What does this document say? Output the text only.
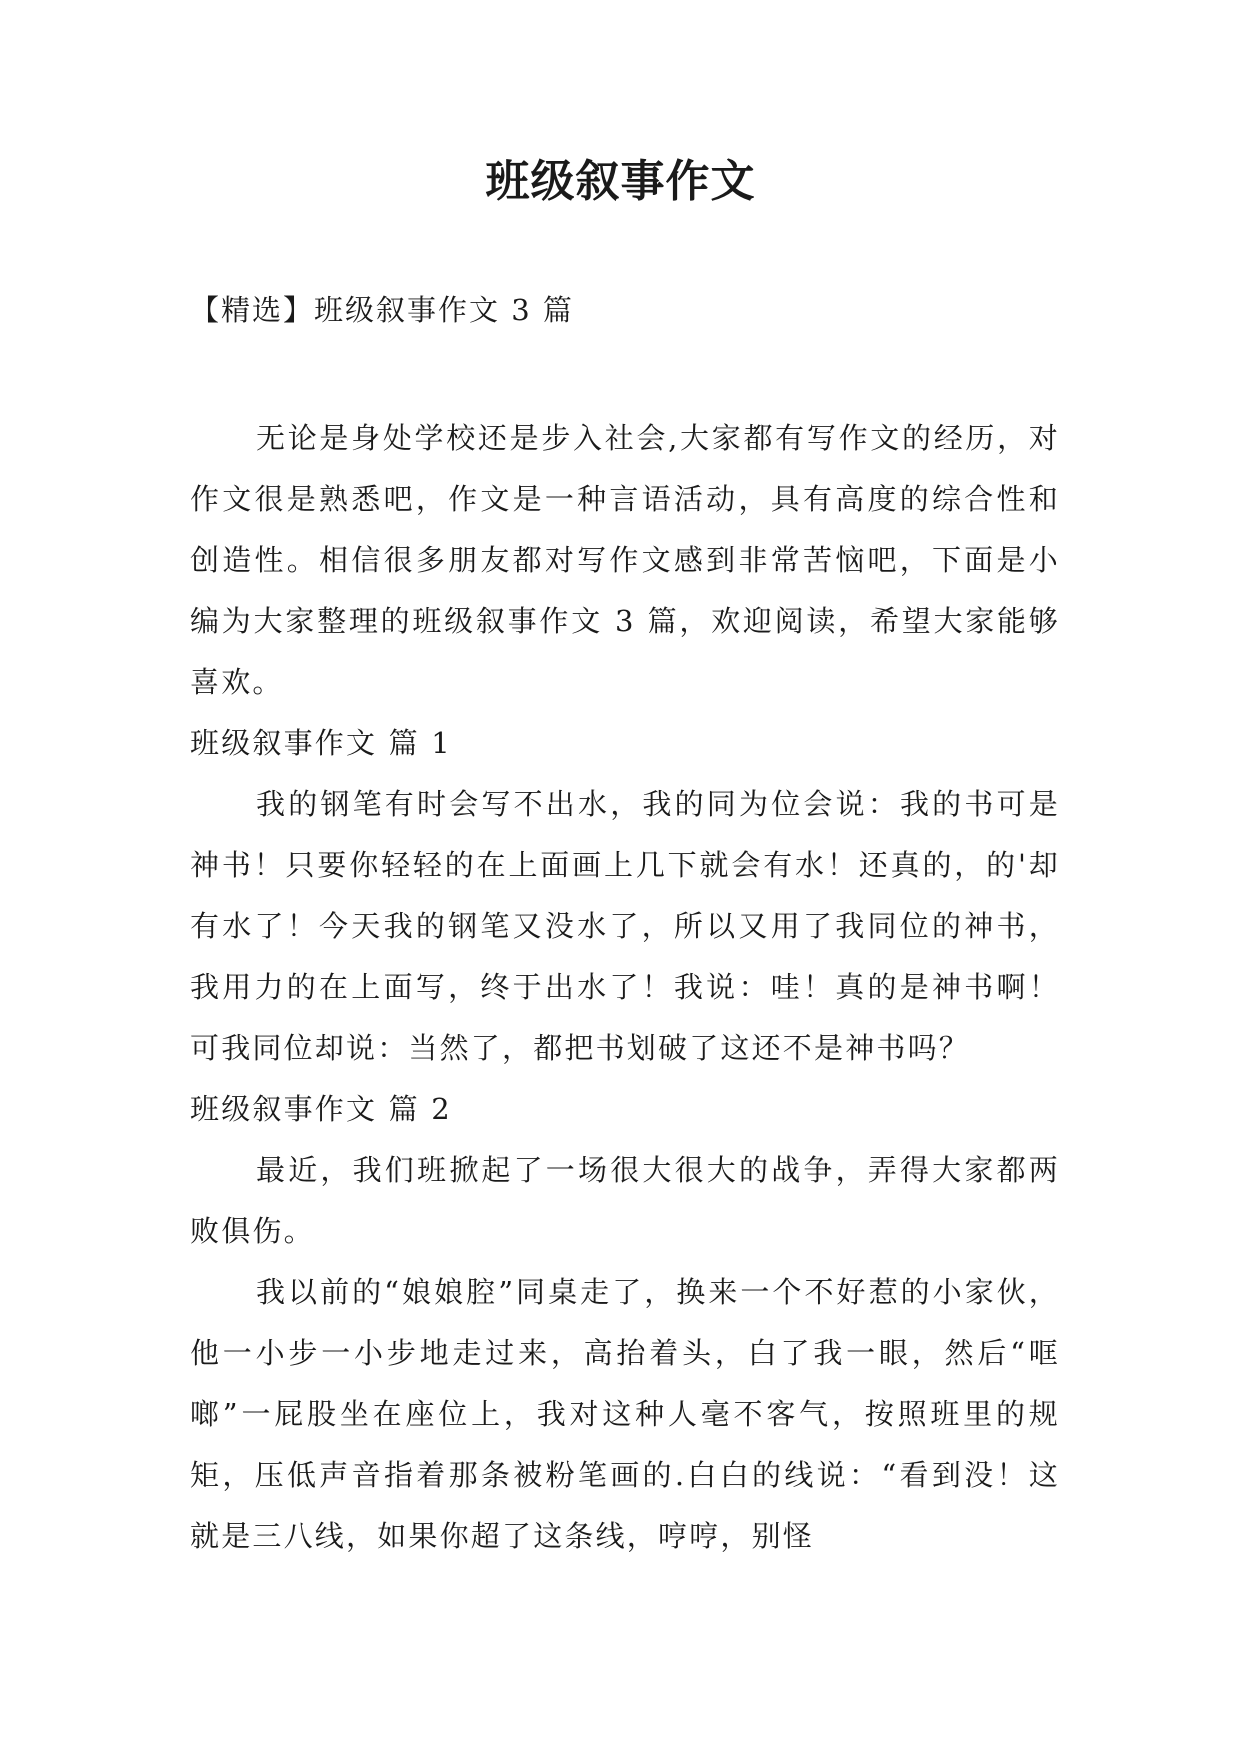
班级叙事作文

【精选】班级叙事作文 3 篇

无论是身处学校还是步入社会,大家都有写作文的经历，对作文很是熟悉吧，作文是一种言语活动，具有高度的综合性和创造性。相信很多朋友都对写作文感到非常苦恼吧，下面是小编为大家整理的班级叙事作文 3 篇，欢迎阅读，希望大家能够喜欢。

班级叙事作文 篇 1

我的钢笔有时会写不出水，我的同为位会说：我的书可是神书！只要你轻轻的在上面画上几下就会有水！还真的，的'却有水了！今天我的钢笔又没水了，所以又用了我同位的神书，我用力的在上面写，终于出水了！我说：哇！真的是神书啊！可我同位却说：当然了，都把书划破了这还不是神书吗？

班级叙事作文 篇 2

最近，我们班掀起了一场很大很大的战争，弄得大家都两败俱伤。

我以前的“娘娘腔”同桌走了，换来一个不好惹的小家伙，他一小步一小步地走过来，高抬着头，白了我一眼，然后“哐啷”一屁股坐在座位上，我对这种人毫不客气，按照班里的规矩，压低声音指着那条被粉笔画的.白白的线说：“看到没！这就是三八线，如果你超了这条线，哼哼，别怪
